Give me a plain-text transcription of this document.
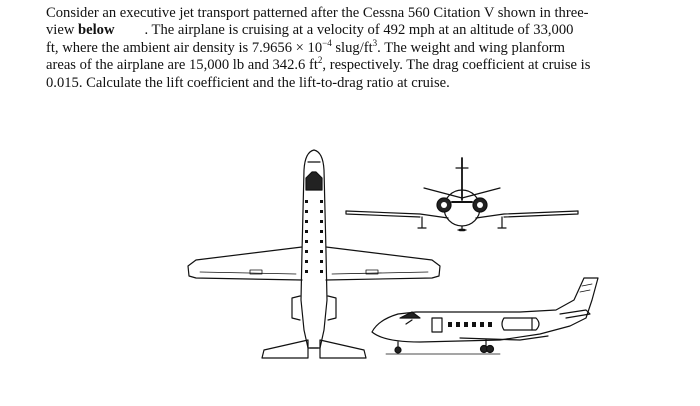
Consider an executive jet transport patterned after the Cessna 560 Citation V shown in three-
view below . The airplane is cruising at a velocity of 492 mph at an altitude of 33,000
ft, where the ambient air density is $7.9656 \times 10^{-4}$ slug/$ft^3$. The weight and wing planform
areas of the airplane are 15,000 lb and 342.6 $ft^2$, respectively. The drag coefficient at cruise is
0.015. Calculate the lift coefficient and the lift-to-drag ratio at cruise.
